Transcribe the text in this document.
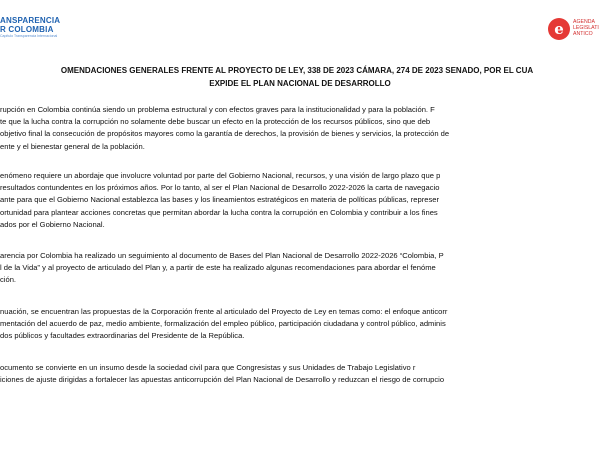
ANSPARENCIA
R COLOMBIA
Capítulo Transparencia Internacional	e	AGENDA
LEGISLATI
ANTICO
OMENDACIONES GENERALES FRENTE AL PROYECTO DE LEY, 338 DE 2023 CÁMARA, 274 DE 2023 SENADO, POR EL CUA
EXPIDE EL PLAN NACIONAL DE DESARROLLO
rupción en Colombia continúa siendo un problema estructural y con efectos graves para la institucionalidad y para la población. F
te que la lucha contra la corrupción no solamente debe buscar un efecto en la protección de los recursos públicos, sino que deb
objetivo final la consecución de propósitos mayores como la garantía de derechos, la provisión de bienes y servicios, la protección de
ente y el bienestar general de la población.
enómeno requiere un abordaje que involucre voluntad por parte del Gobierno Nacional, recursos, y una visión de largo plazo que p
resultados contundentes en los próximos años. Por lo tanto, al ser el Plan Nacional de Desarrollo 2022-2026 la carta de navegacio
ante para que el Gobierno Nacional establezca las bases y los lineamientos estratégicos en materia de políticas públicas, represer
ortunidad para plantear acciones concretas que permitan abordar la lucha contra la corrupción en Colombia y contribuir a los fines
ados por el Gobierno Nacional.
arencia por Colombia ha realizado un seguimiento al documento de Bases del Plan Nacional de Desarrollo 2022-2026 “Colombia, P
l de la Vida” y al proyecto de articulado del Plan y, a partir de este ha realizado algunas recomendaciones para abordar el fenóme
ción.
nuación, se encuentran las propuestas de la Corporación frente al articulado del Proyecto de Ley en temas como: el enfoque anticorr
mentación del acuerdo de paz, medio ambiente, formalización del empleo público, participación ciudadana y control público, adminis
dos públicos y facultades extraordinarias del Presidente de la República.
ocumento se convierte en un insumo desde la sociedad civil para que Congresistas y sus Unidades de Trabajo Legislativo r
iciones de ajuste dirigidas a fortalecer las apuestas anticorrupción del Plan Nacional de Desarrollo y reduzcan el riesgo de corrupcio
